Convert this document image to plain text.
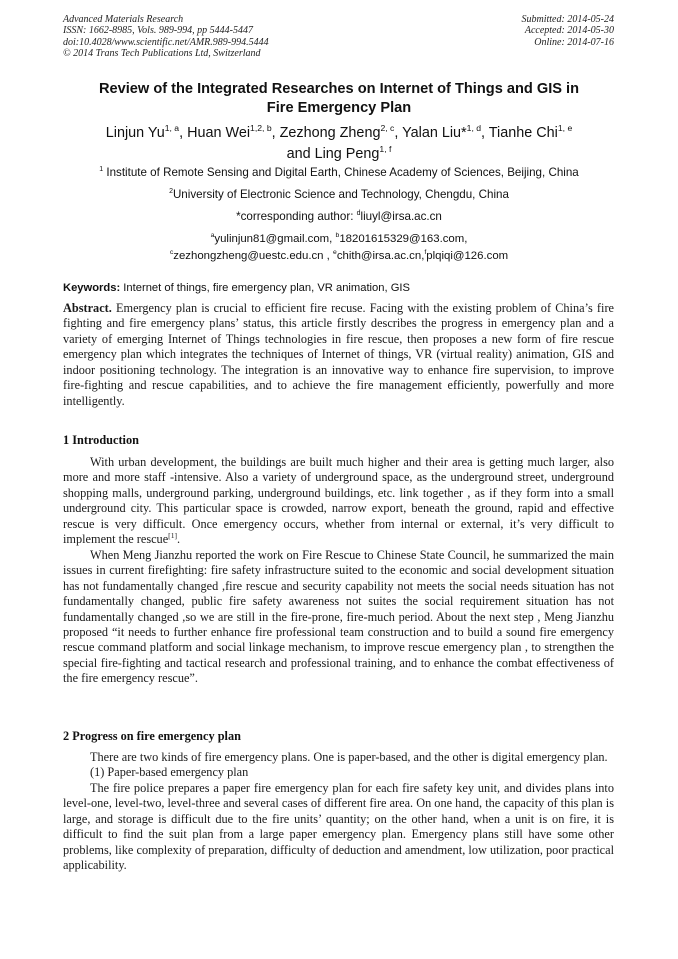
Advanced Materials Research
ISSN: 1662-8985, Vols. 989-994, pp 5444-5447
doi:10.4028/www.scientific.net/AMR.989-994.5444
© 2014 Trans Tech Publications Ltd, Switzerland
Submitted: 2014-05-24
Accepted: 2014-05-30
Online: 2014-07-16
Review of the Integrated Researches on Internet of Things and GIS in
Fire Emergency Plan
Linjun Yu$^{1, a}$, Huan Wei$^{1,2, b}$, Zezhong Zheng$^{2, c}$, Yalan Liu*$^{1, d}$, Tianhe Chi$^{1, e}$
and Ling Peng$^{1, f}$
$^1$ Institute of Remote Sensing and Digital Earth, Chinese Academy of Sciences, Beijing, China
$^2$University of Electronic Science and Technology, Chengdu, China
*corresponding author: $^d$liuyl@irsa.ac.cn
$^a$yulinjun81@gmail.com, $^b$18201615329@163.com,
$^c$zezhongzheng@uestc.edu.cn , $^e$chith@irsa.ac.cn,$^f$plqiqi@126.com
Keywords: Internet of things, fire emergency plan, VR animation, GIS

Abstract. Emergency plan is crucial to efficient fire recuse. Facing with the existing problem of China’s fire fighting and fire emergency plans’ status, this article firstly describes the progress in emergency plan and a variety of emerging Internet of Things technologies in fire rescue, then proposes a new form of fire rescue emergency plan which integrates the techniques of Internet of things, VR (virtual reality) animation, GIS and indoor positioning technology. The integration is an innovative way to enhance fire supervision, to improve fire-fighting and rescue capabilities, and to achieve the fire management efficiently, powerfully and more intelligently.

1 Introduction

With urban development, the buildings are built much higher and their area is getting much larger, also more and more staff -intensive. Also a variety of underground space, as the underground street, underground shopping malls, underground parking, underground buildings, etc. link together , as if they form into a small underground city. This particular space is crowded, narrow export, beneath the ground, rapid and effective rescue is very difficult. Once emergency occurs, whether from internal or external, it’s very difficult to implement the rescue[1].

When Meng Jianzhu reported the work on Fire Rescue to Chinese State Council, he summarized the main issues in current firefighting: fire safety infrastructure suited to the economic and social development situation has not fundamentally changed ,fire rescue and security capability not meets the social needs situation has not fundamentally changed, public fire safety awareness not suites the social requirement situation has not fundamentally changed ,so we are still in the fire-prone, fire-much period. About the next step , Meng Jianzhu proposed “it needs to further enhance fire professional team construction and to build a sound fire emergency rescue command platform and social linkage mechanism, to improve rescue emergency plan , to strengthen the special fire-fighting and tactical research and professional training, and to enhance the combat effectiveness of the fire emergency rescue”.

2 Progress on fire emergency plan

There are two kinds of fire emergency plans. One is paper-based, and the other is digital emergency plan.

(1) Paper-based emergency plan

The fire police prepares a paper fire emergency plan for each fire safety key unit, and divides plans into level-one, level-two, level-three and several cases of different fire area. On one hand, the capacity of this plan is large, and storage is difficult due to the fire units’ quantity; on the other hand, when a unit is on fire, it is difficult to find the suit plan from a large paper emergency plan. Emergency plans still have some other problems, like complexity of preparation, difficulty of deduction and amendment, low utilization, poor practical applicability.
